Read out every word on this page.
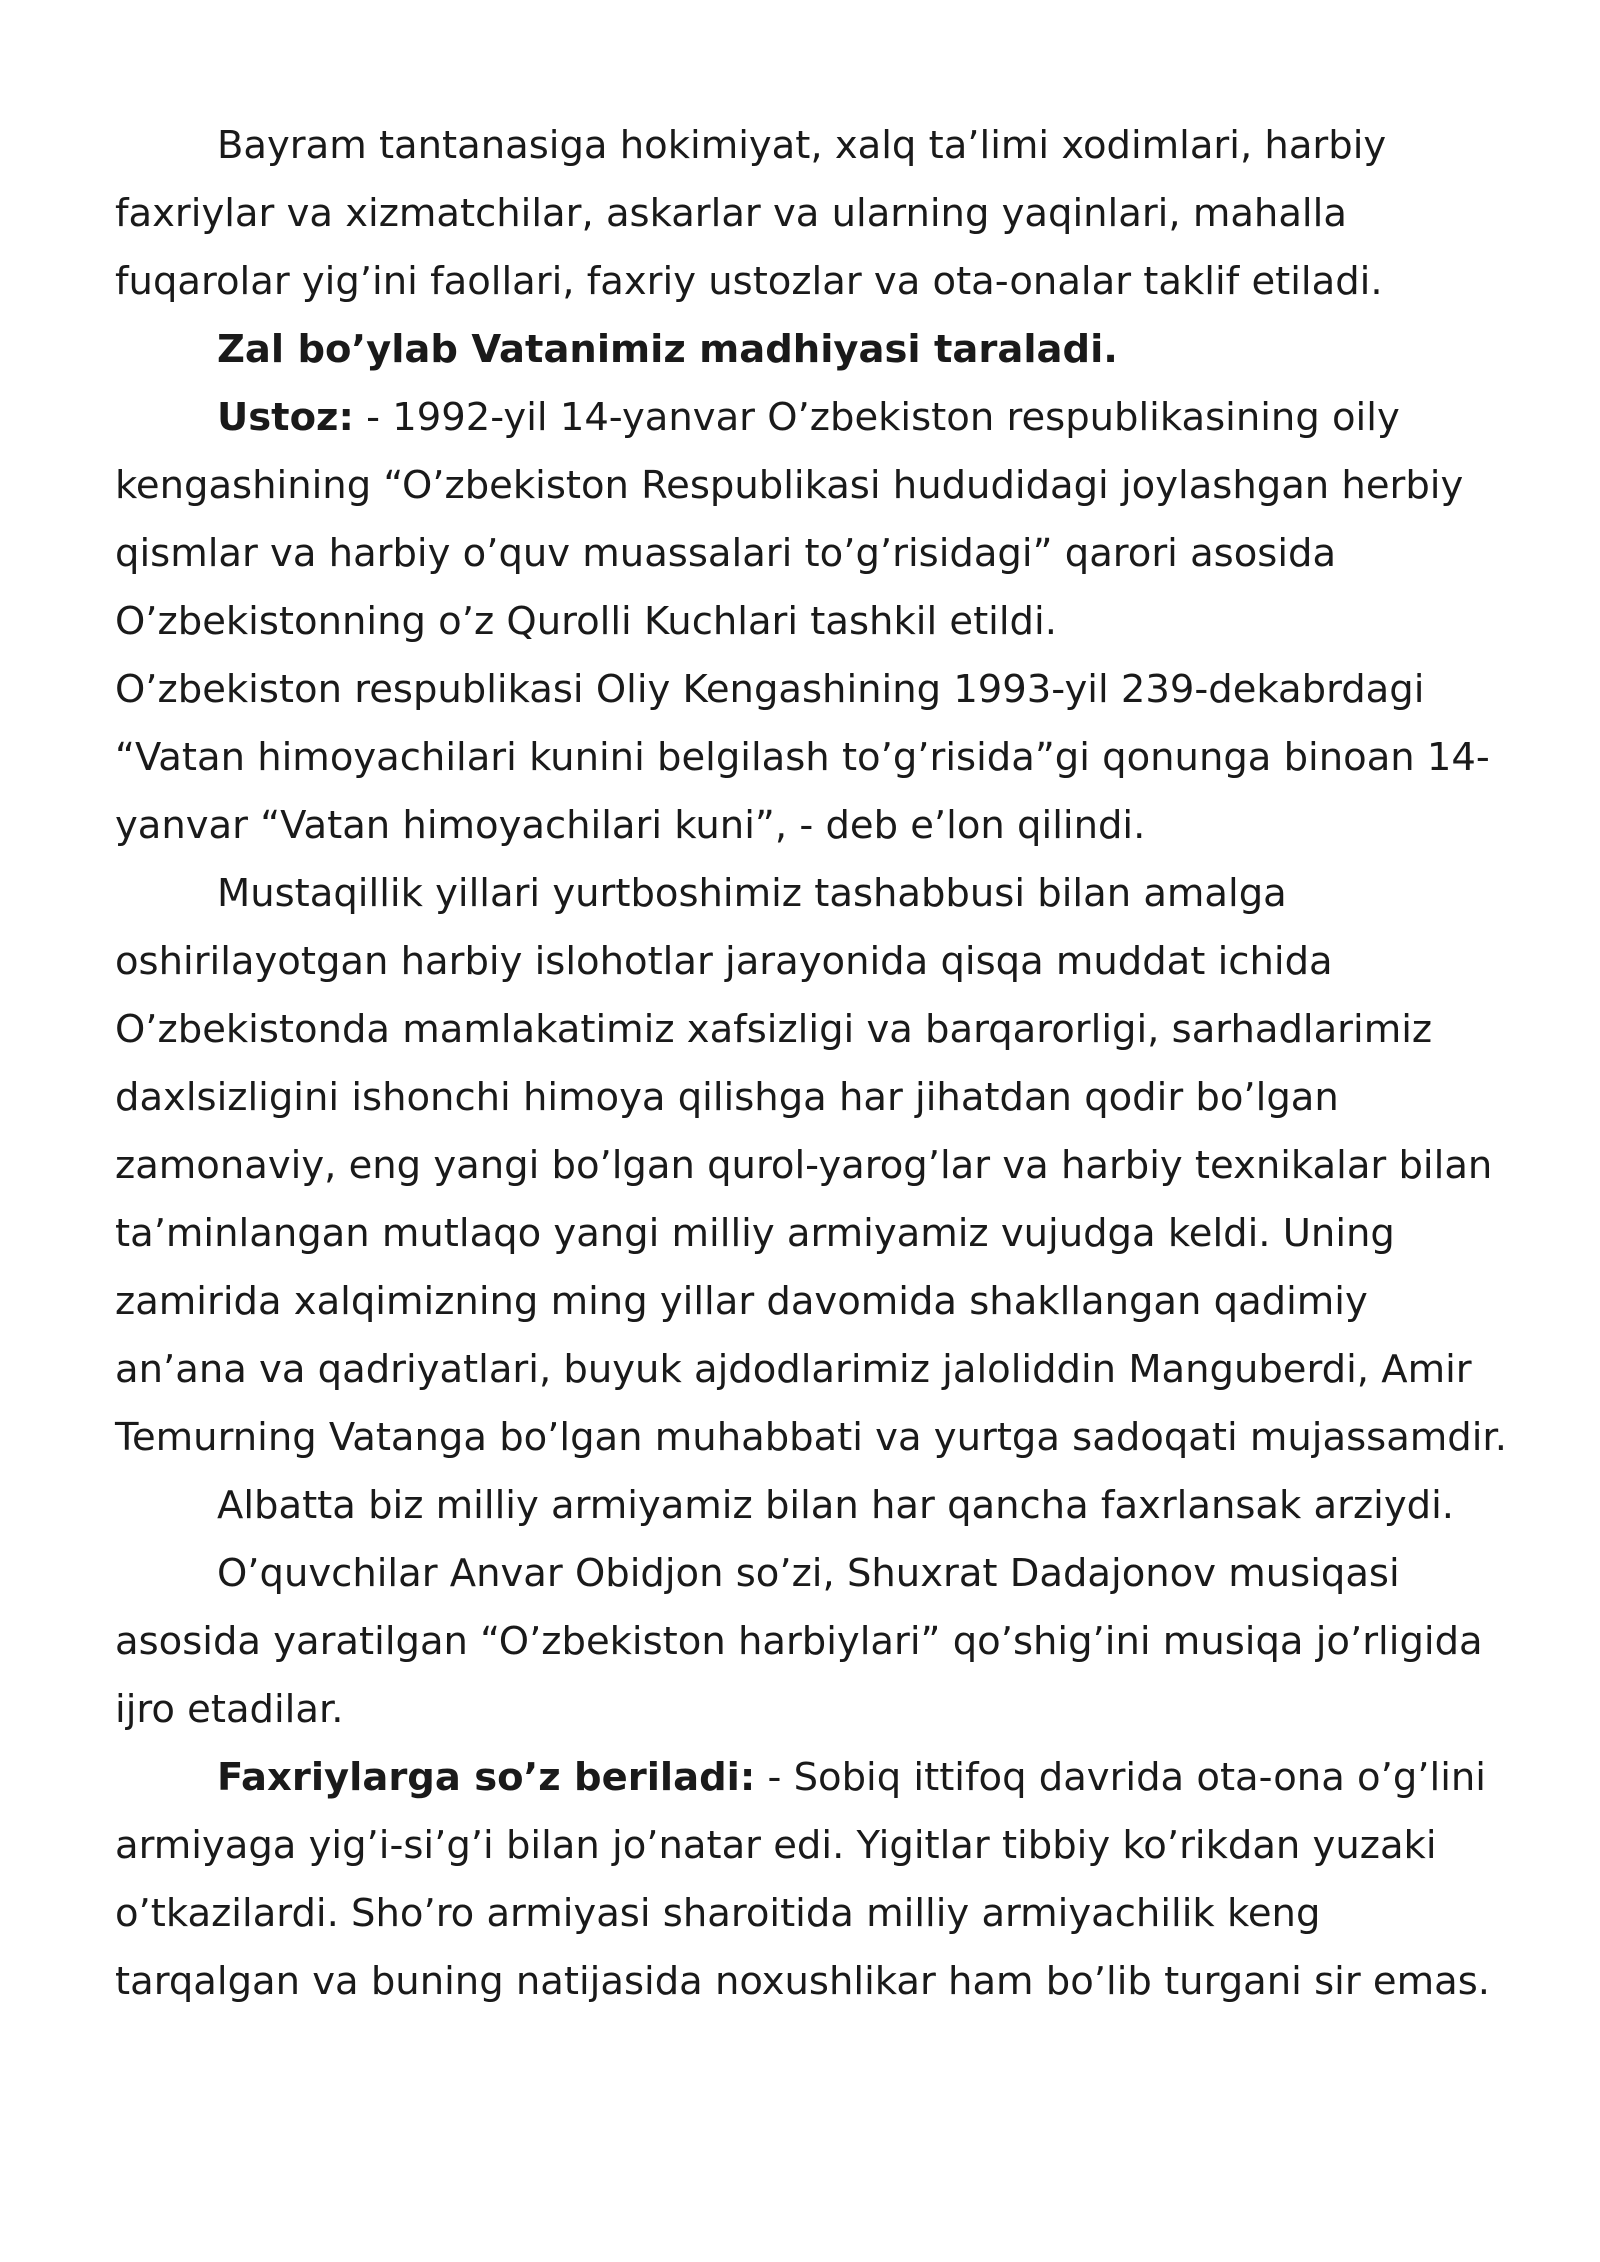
Bayram tantanasiga hokimiyat, xalq ta’limi xodimlari, harbiy faxriylar va xizmatchilar, askarlar va ularning yaqinlari, mahalla fuqarolar yig’ini faollari, faxriy ustozlar va ota-onalar taklif etiladi.

Zal bo’ylab Vatanimiz madhiyasi taraladi.

Ustoz: - 1992-yil 14-yanvar O’zbekiston respublikasining oily kengashining “O’zbekiston Respublikasi hududidagi joylashgan herbiy qismlar va harbiy o’quv muassalari to’g’risidagi” qarori asosida O’zbekistonning o’z Qurolli Kuchlari tashkil etildi.

O’zbekiston respublikasi Oliy Kengashining 1993-yil 239-dekabrdagi “Vatan himoyachilari kunini belgilash to’g’risida”gi qonunga binoan 14-yanvar “Vatan himoyachilari kuni”, - deb e’lon qilindi.

Mustaqillik yillari yurtboshimiz tashabbusi bilan amalga oshirilayotgan harbiy islohotlar jarayonida qisqa muddat ichida O’zbekistonda mamlakatimiz xafsizligi va barqarorligi, sarhadlarimiz daxlsizligini ishonchi himoya qilishga har jihatdan qodir bo’lgan zamonaviy, eng yangi bo’lgan qurol-yarog’lar va harbiy texnikalar bilan ta’minlangan mutlaqo yangi milliy armiyamiz vujudga keldi. Uning zamirida xalqimizning ming yillar davomida shakllangan qadimiy an’ana va qadriyatlari, buyuk ajdodlarimiz jaloliddin Manguberdi, Amir Temurning Vatanga bo’lgan muhabbati va yurtga sadoqati mujassamdir.

Albatta biz milliy armiyamiz bilan har qancha faxrlansak arziydi.

O’quvchilar Anvar Obidjon so’zi, Shuxrat Dadajonov musiqasi asosida yaratilgan “O’zbekiston harbiylari” qo’shig’ini musiqa jo’rligida ijro etadilar.

Faxriylarga so’z beriladi: - Sobiq ittifoq davrida ota-ona o’g’lini armiyaga yig’i-si’g’i bilan jo’natar edi. Yigitlar tibbiy ko’rikdan yuzaki o’tkazilardi. Sho’ro armiyasi sharoitida milliy armiyachilik keng tarqalgan va buning natijasida noxushlikar ham bo’lib turgani sir emas.
